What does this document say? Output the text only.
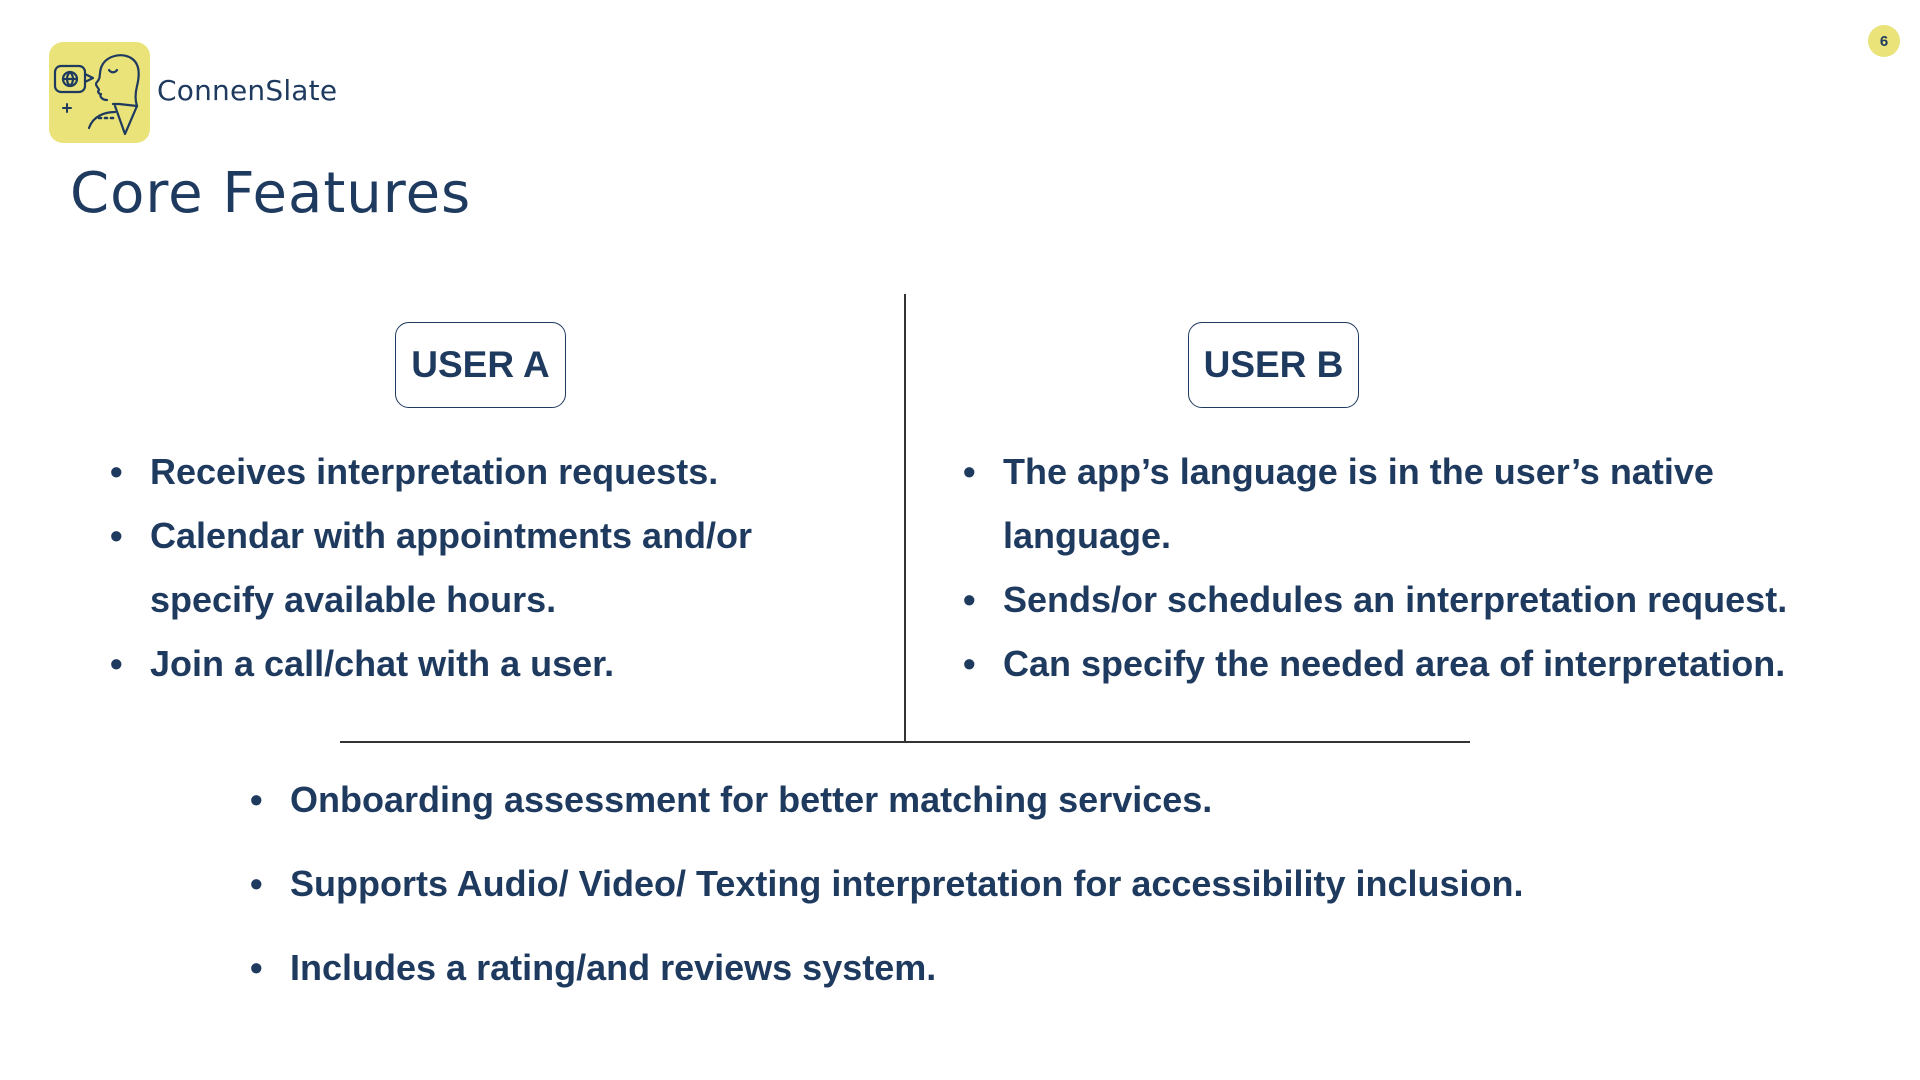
ConnenSlate
6
Core Features
USER A	USER B
• Receives interpretation requests.
• Calendar with appointments and/or specify available hours.
• Join a call/chat with a user.
• The app’s language is in the user’s native language.
• Sends/or schedules an interpretation request.
• Can specify the needed area of interpretation.
• Onboarding assessment for better matching services.
• Supports Audio/ Video/ Texting interpretation for accessibility inclusion.
• Includes a rating/and reviews system.
